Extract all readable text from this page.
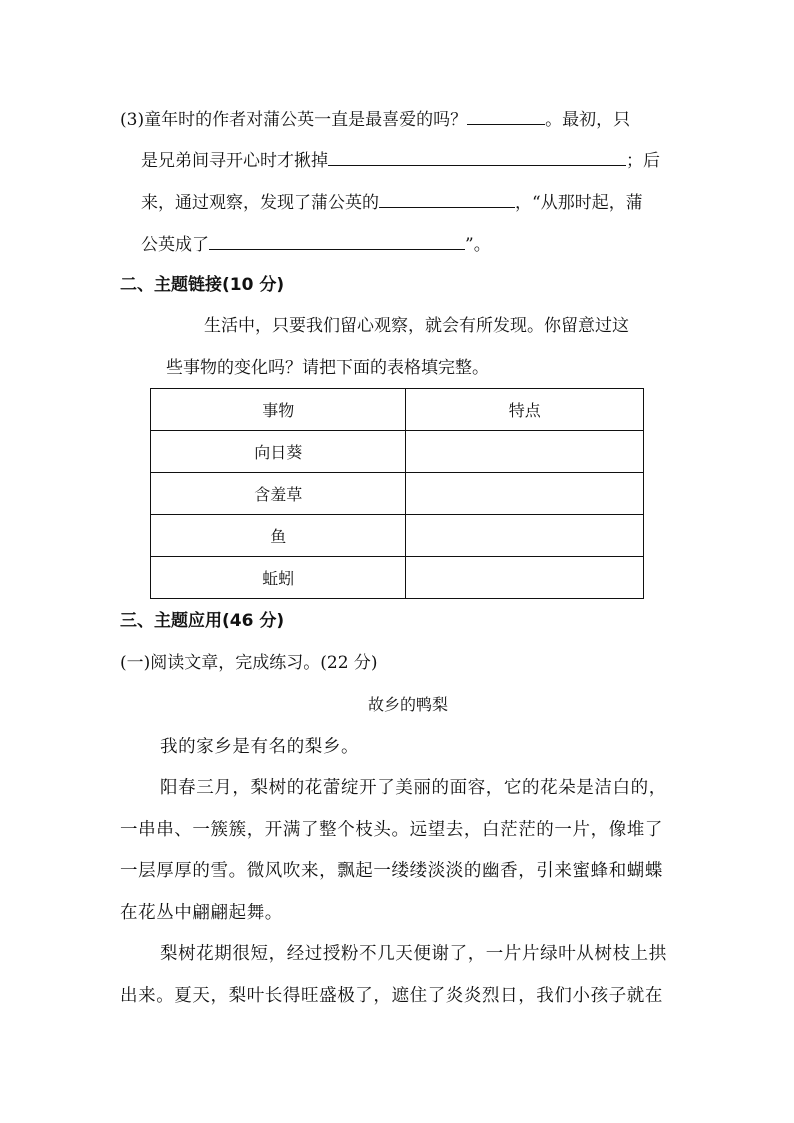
(3)童年时的作者对蒲公英一直是最喜爱的吗？	。最初，只
是兄弟间寻开心时才揪掉	；后
来，通过观察，发现了蒲公英的	，“从那时起，蒲
公英成了	”。
二、主题链接(10 分)
生活中，只要我们留心观察，就会有所发现。你留意过这
些事物的变化吗？请把下面的表格填完整。
事物	特点
向日葵	
含羞草	
鱼	
蚯蚓	
三、主题应用(46 分)
(一)阅读文章，完成练习。(22 分)
故乡的鸭梨
我的家乡是有名的梨乡。
阳春三月，梨树的花蕾绽开了美丽的面容，它的花朵是洁白的，
一串串、一簇簇，开满了整个枝头。远望去，白茫茫的一片，像堆了
一层厚厚的雪。微风吹来，飘起一缕缕淡淡的幽香，引来蜜蜂和蝴蝶
在花丛中翩翩起舞。
梨树花期很短，经过授粉不几天便谢了，一片片绿叶从树枝上拱
出来。夏天，梨叶长得旺盛极了，遮住了炎炎烈日，我们小孩子就在
